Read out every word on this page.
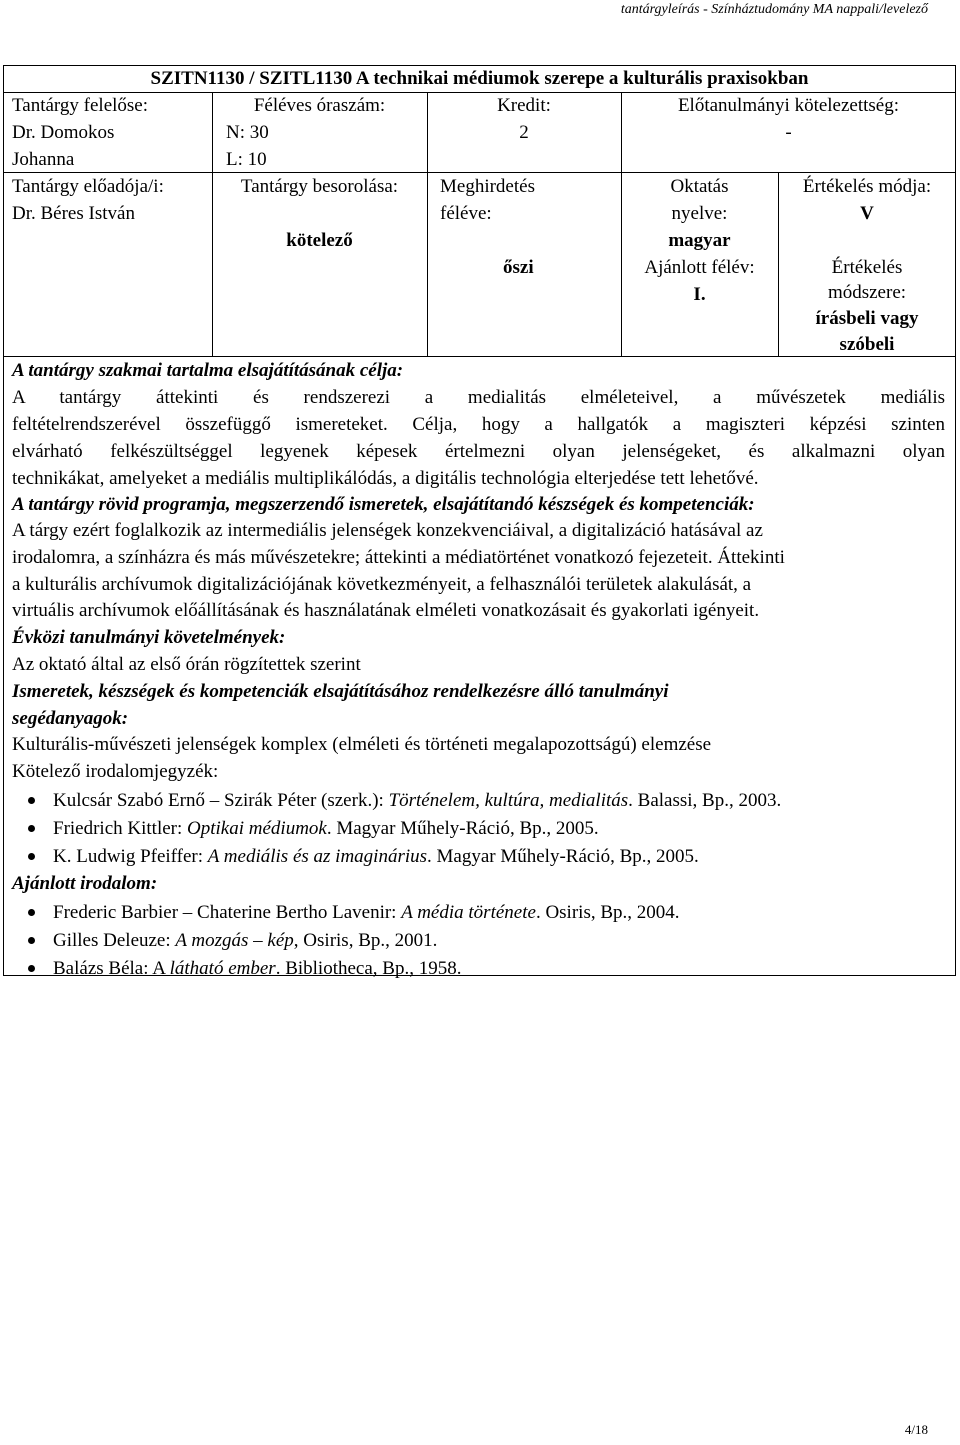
tantárgyleírás - Színháztudomány MA nappali/levelező
SZITN1130 / SZITL1130 A technikai médiumok szerepe a kulturális praxisokban
Tantárgy felelőse:
Dr. Domokos
Johanna
Féléves óraszám:
N: 30
L: 10
Kredit:
2
Előtanulmányi kötelezettség:
-
Tantárgy előadója/i:
Dr. Béres István
Tantárgy besorolása:
kötelező
Meghirdetés
féléve:
őszi
Oktatás
nyelve:
magyar
Ajánlott félév:
I.
Értékelés módja:
V
Értékelés
módszere:
írásbeli vagy
szóbeli
A tantárgy szakmai tartalma elsajátításának célja:
A tantárgy áttekinti és rendszerezi a medialitás elméleteivel, a művészetek mediális
feltételrendszerével összefüggő ismereteket. Célja, hogy a hallgatók a magiszteri képzési szinten
elvárható felkészültséggel legyenek képesek értelmezni olyan jelenségeket, és alkalmazni olyan
technikákat, amelyeket a mediális multiplikálódás, a digitális technológia elterjedése tett lehetővé.
A tantárgy rövid programja, megszerzendő ismeretek, elsajátítandó készségek és kompetenciák:
A tárgy ezért foglalkozik az intermediális jelenségek konzekvenciáival, a digitalizáció hatásával az
irodalomra, a színházra és más művészetekre; áttekinti a médiatörténet vonatkozó fejezeteit. Áttekinti
a kulturális archívumok digitalizációjának következményeit, a felhasználói területek alakulását, a
virtuális archívumok előállításának és használatának elméleti vonatkozásait és gyakorlati igényeit.
Évközi tanulmányi követelmények:
Az oktató által az első órán rögzítettek szerint
Ismeretek, készségek és kompetenciák elsajátításához rendelkezésre álló tanulmányi
segédanyagok:
Kulturális-művészeti jelenségek komplex (elméleti és történeti megalapozottságú) elemzése
Kötelező irodalomjegyzék:
Kulcsár Szabó Ernő – Szirák Péter (szerk.): Történelem, kultúra, medialitás. Balassi, Bp., 2003.
Friedrich Kittler: Optikai médiumok. Magyar Műhely-Ráció, Bp., 2005.
K. Ludwig Pfeiffer: A mediális és az imaginárius. Magyar Műhely-Ráció, Bp., 2005.
Ajánlott irodalom:
Frederic Barbier – Chaterine Bertho Lavenir: A média története. Osiris, Bp., 2004.
Gilles Deleuze: A mozgás – kép, Osiris, Bp., 2001.
Balázs Béla: A látható ember. Bibliotheca, Bp., 1958.
4/18
